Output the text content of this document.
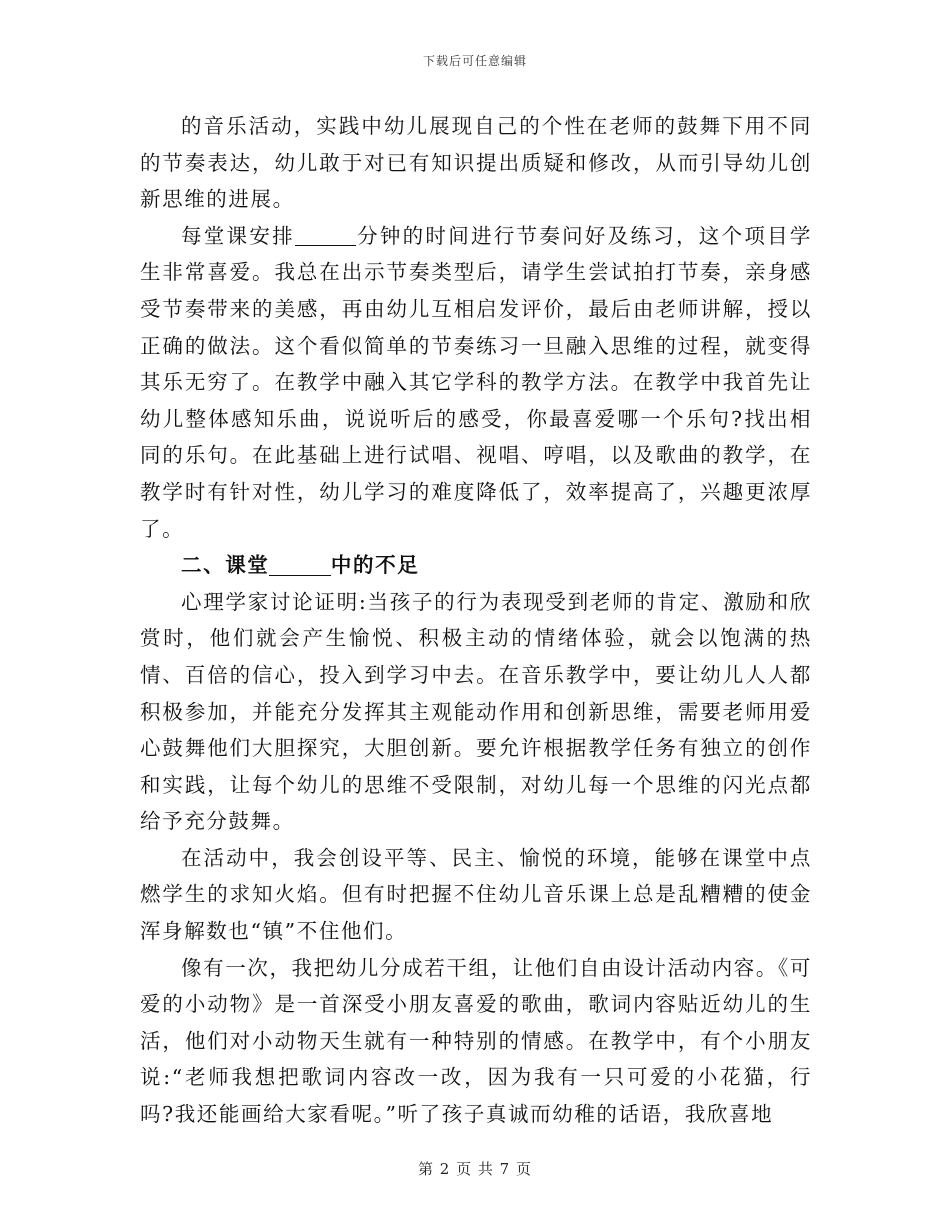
下载后可任意编辑

的音乐活动，实践中幼儿展现自己的个性在老师的鼓舞下用不同的节奏表达，幼儿敢于对已有知识提出质疑和修改，从而引导幼儿创新思维的进展。

每堂课安排	分钟的时间进行节奏问好及练习，这个项目学生非常喜爱。我总在出示节奏类型后，请学生尝试拍打节奏，亲身感受节奏带来的美感，再由幼儿互相启发评价，最后由老师讲解，授以正确的做法。这个看似简单的节奏练习一旦融入思维的过程，就变得其乐无穷了。在教学中融入其它学科的教学方法。在教学中我首先让幼儿整体感知乐曲，说说听后的感受，你最喜爱哪一个乐句?找出相同的乐句。在此基础上进行试唱、视唱、哼唱，以及歌曲的教学，在教学时有针对性，幼儿学习的难度降低了，效率提高了，兴趣更浓厚了。

二、课堂	中的不足

心理学家讨论证明:当孩子的行为表现受到老师的肯定、激励和欣赏时，他们就会产生愉悦、积极主动的情绪体验，就会以饱满的热情、百倍的信心，投入到学习中去。在音乐教学中，要让幼儿人人都积极参加，并能充分发挥其主观能动作用和创新思维，需要老师用爱心鼓舞他们大胆探究，大胆创新。要允许根据教学任务有独立的创作和实践，让每个幼儿的思维不受限制，对幼儿每一个思维的闪光点都给予充分鼓舞。

在活动中，我会创设平等、民主、愉悦的环境，能够在课堂中点燃学生的求知火焰。但有时把握不住幼儿音乐课上总是乱糟糟的使金浑身解数也“镇”不住他们。

像有一次，我把幼儿分成若干组，让他们自由设计活动内容。《可爱的小动物》是一首深受小朋友喜爱的歌曲，歌词内容贴近幼儿的生活，他们对小动物天生就有一种特别的情感。在教学中，有个小朋友说:“老师我想把歌词内容改一改，因为我有一只可爱的小花猫，行吗?我还能画给大家看呢。”听了孩子真诚而幼稚的话语，我欣喜地

第 2 页 共 7 页
